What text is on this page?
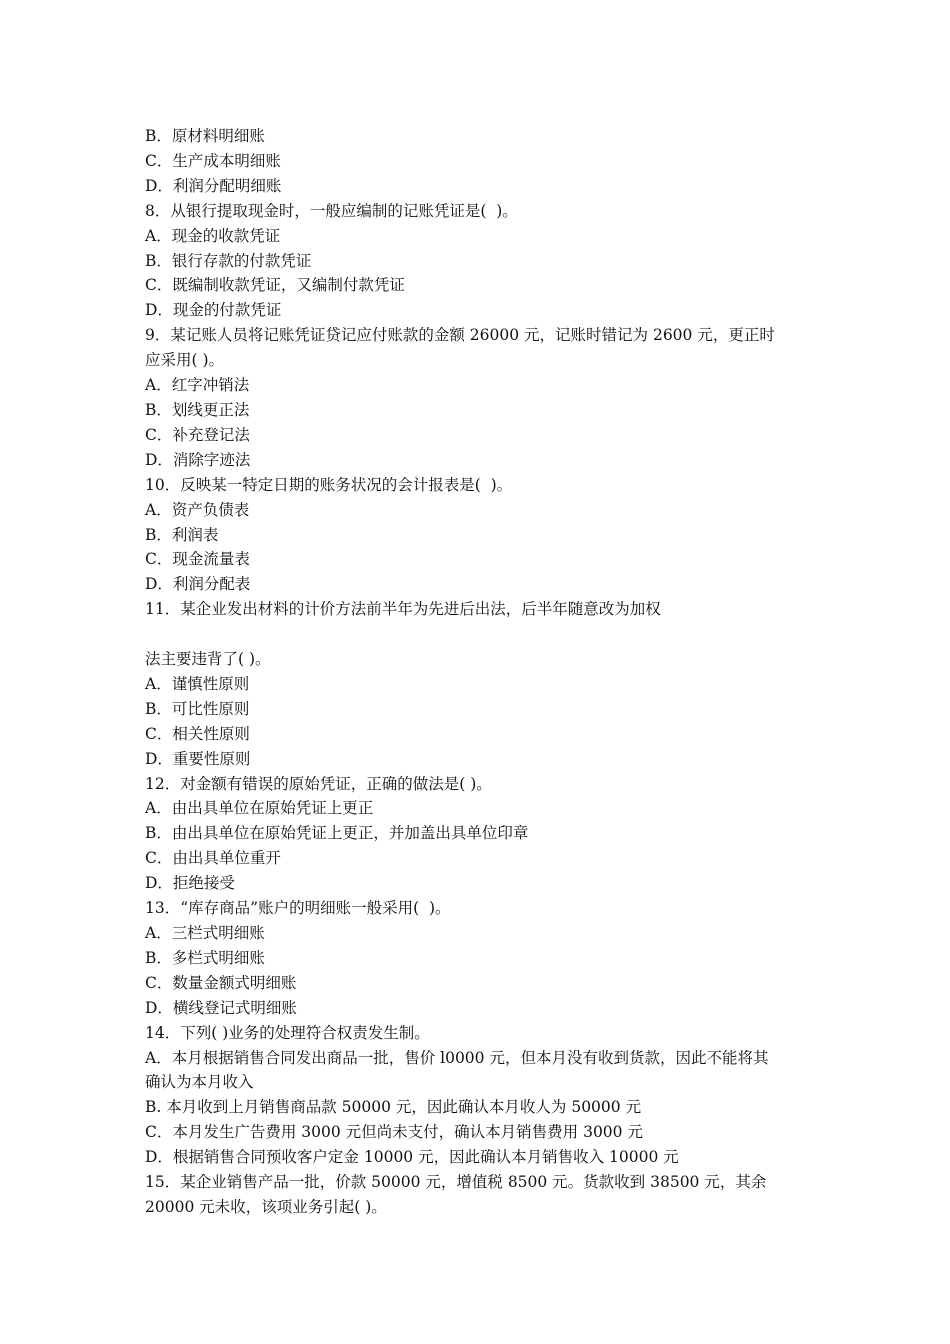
B．原材料明细账

C．生产成本明细账

D．利润分配明细账

8．从银行提取现金时，一般应编制的记账凭证是(  )。

A．现金的收款凭证

B．银行存款的付款凭证

C．既编制收款凭证，又编制付款凭证

D．现金的付款凭证

9．某记账人员将记账凭证贷记应付账款的金额 26000 元，记账时错记为 2600 元，更正时

应采用( )。

A．红字冲销法

B．划线更正法

C．补充登记法

D．消除字迹法

10．反映某一特定日期的账务状况的会计报表是(  )。

A．资产负债表

B．利润表

C．现金流量表

D．利润分配表

11．某企业发出材料的计价方法前半年为先进后出法，后半年随意改为加权

法主要违背了( )。

A．谨慎性原则

B．可比性原则

C．相关性原则

D．重要性原则

12．对金额有错误的原始凭证，正确的做法是( )。

A．由出具单位在原始凭证上更正

B．由出具单位在原始凭证上更正，并加盖出具单位印章

C．由出具单位重开

D．拒绝接受

13．“库存商品”账户的明细账一般采用(  )。

A．三栏式明细账

B．多栏式明细账

C．数量金额式明细账

D．横线登记式明细账

14．下列( )业务的处理符合权责发生制。

A．本月根据销售合同发出商品一批，售价 l0000 元，但本月没有收到货款，因此不能将其

确认为本月收入

B. 本月收到上月销售商品款 50000 元，因此确认本月收人为 50000 元

C．本月发生广告费用 3000 元但尚未支付，确认本月销售费用 3000 元

D．根据销售合同预收客户定金 10000 元，因此确认本月销售收入 10000 元

15．某企业销售产品一批，价款 50000 元，增值税 8500 元。货款收到 38500 元，其余

20000 元未收，该项业务引起( )。
